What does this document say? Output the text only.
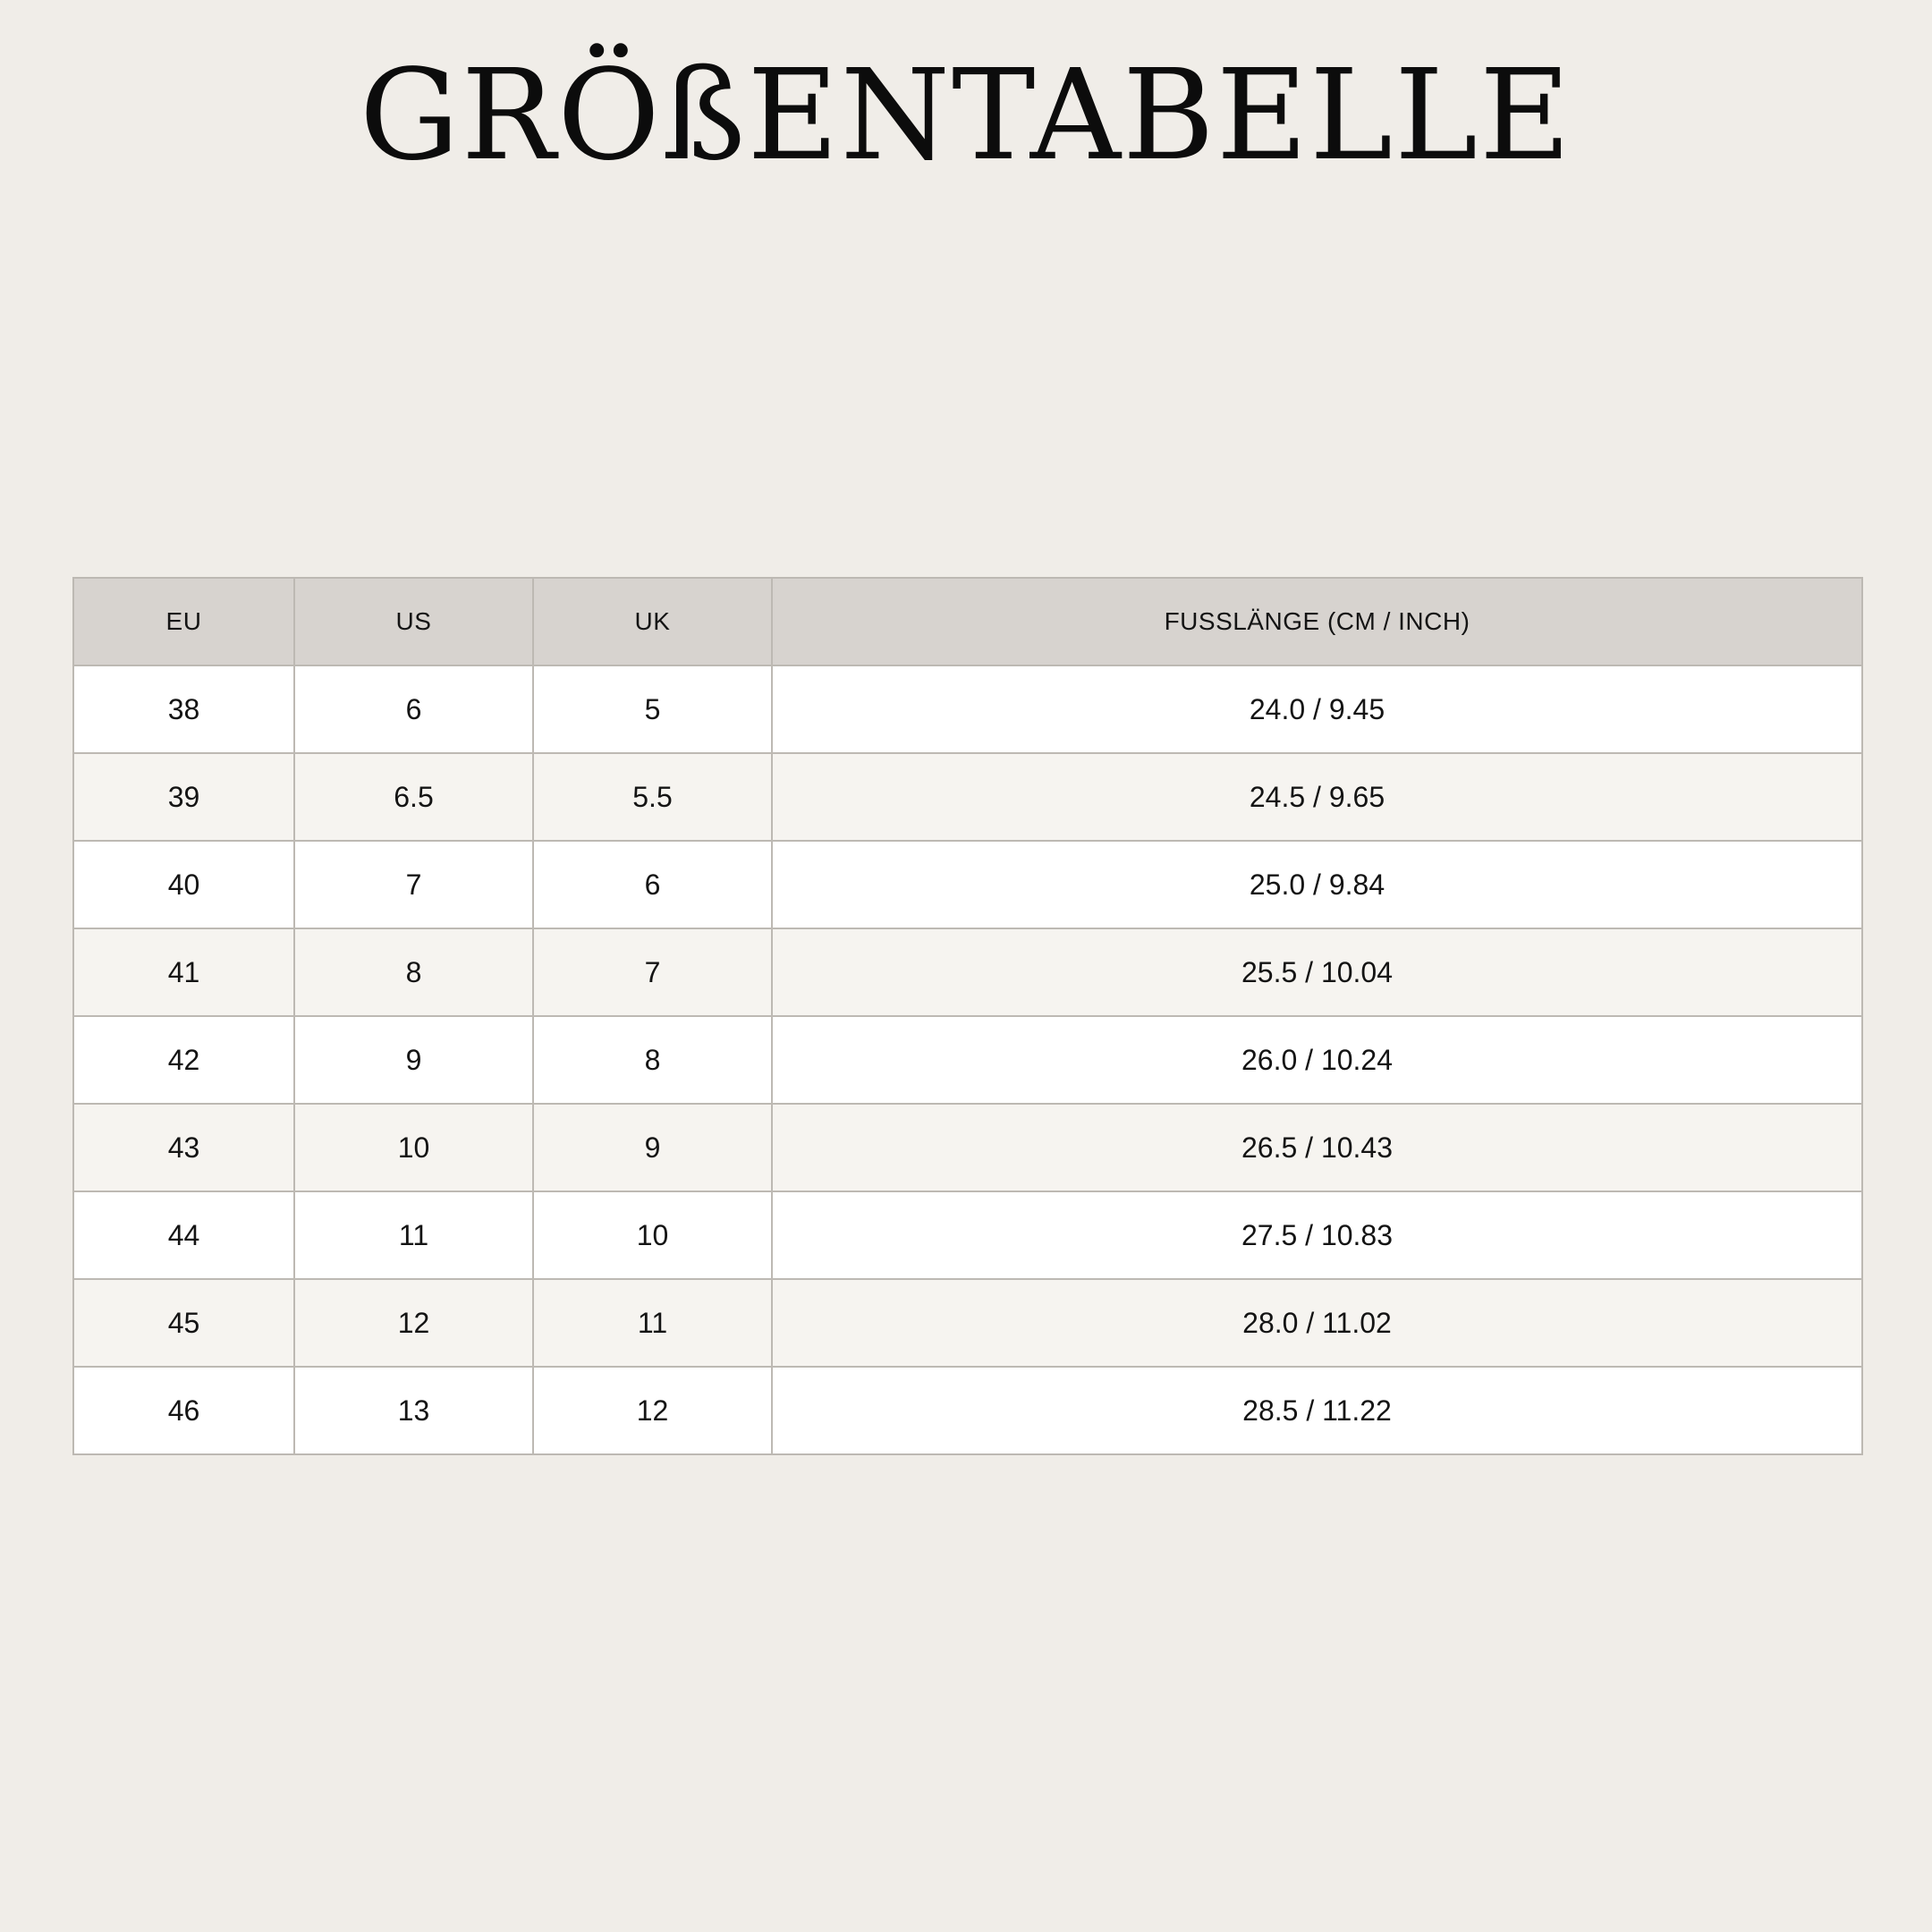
GRÖßENTABELLE
EU	US	UK	FUSSLÄNGE (CM / INCH)
38	6	5	24.0 / 9.45
39	6.5	5.5	24.5 / 9.65
40	7	6	25.0 / 9.84
41	8	7	25.5 / 10.04
42	9	8	26.0 / 10.24
43	10	9	26.5 / 10.43
44	11	10	27.5 / 10.83
45	12	11	28.0 / 11.02
46	13	12	28.5 / 11.22
